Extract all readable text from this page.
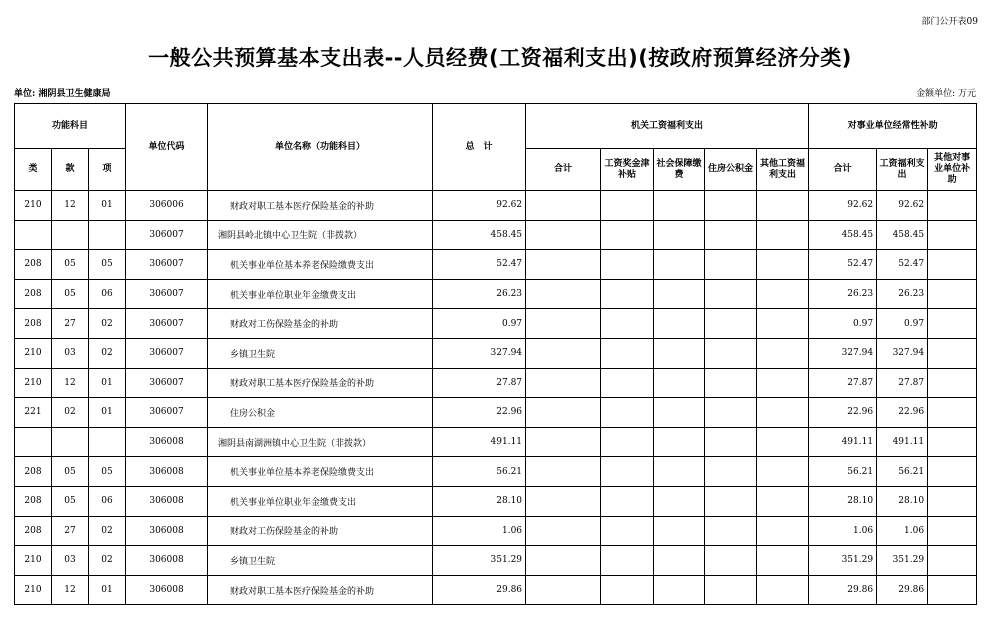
部门公开表09
一般公共预算基本支出表--人员经费(工资福利支出)(按政府预算经济分类)
单位: 湘阴县卫生健康局	金额单位: 万元
功能科目			单位代码	单位名称（功能科目）	总　计	机关工资福利支出					对事业单位经常性补助		
类	款	项				合计	工资奖金津补贴	社会保障缴费	住房公积金	其他工资福利支出	合计	工资福利支出	其他对事业单位补助
210	12	01	306006	财政对职工基本医疗保险基金的补助	92.62						92.62	92.62	
			306007	湘阴县岭北镇中心卫生院（非拨款）	458.45						458.45	458.45	
208	05	05	306007	机关事业单位基本养老保险缴费支出	52.47						52.47	52.47	
208	05	06	306007	机关事业单位职业年金缴费支出	26.23						26.23	26.23	
208	27	02	306007	财政对工伤保险基金的补助	0.97						0.97	0.97	
210	03	02	306007	乡镇卫生院	327.94						327.94	327.94	
210	12	01	306007	财政对职工基本医疗保险基金的补助	27.87						27.87	27.87	
221	02	01	306007	住房公积金	22.96						22.96	22.96	
			306008	湘阴县南湖洲镇中心卫生院（非拨款）	491.11						491.11	491.11	
208	05	05	306008	机关事业单位基本养老保险缴费支出	56.21						56.21	56.21	
208	05	06	306008	机关事业单位职业年金缴费支出	28.10						28.10	28.10	
208	27	02	306008	财政对工伤保险基金的补助	1.06						1.06	1.06	
210	03	02	306008	乡镇卫生院	351.29						351.29	351.29	
210	12	01	306008	财政对职工基本医疗保险基金的补助	29.86						29.86	29.86	
